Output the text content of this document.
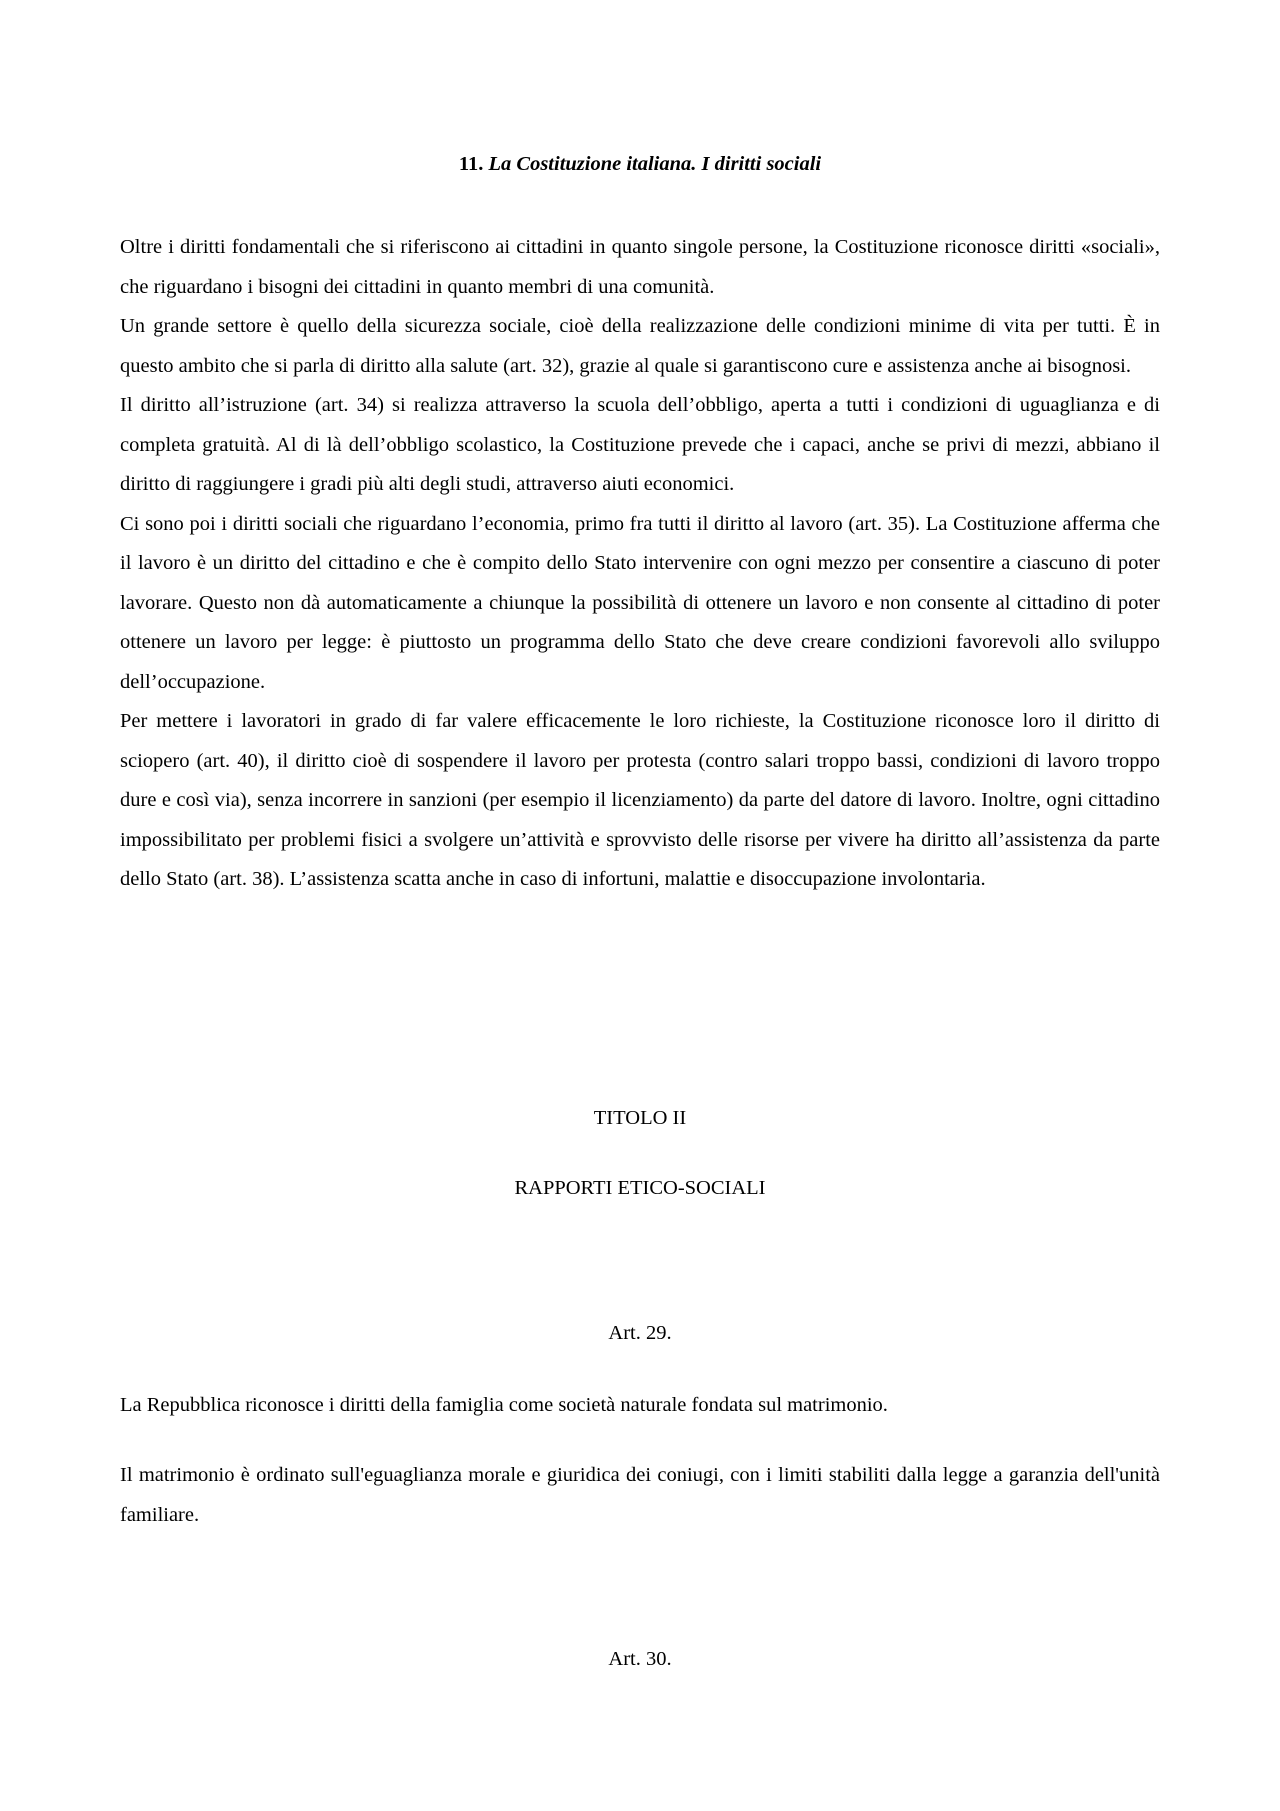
11. La Costituzione italiana. I diritti sociali

Oltre i diritti fondamentali che si riferiscono ai cittadini in quanto singole persone, la Costituzione riconosce diritti «sociali», che riguardano i bisogni dei cittadini in quanto membri di una comunità.

Un grande settore è quello della sicurezza sociale, cioè della realizzazione delle condizioni minime di vita per tutti. È in questo ambito che si parla di diritto alla salute (art. 32), grazie al quale si garantiscono cure e assistenza anche ai bisognosi.

Il diritto all’istruzione (art. 34) si realizza attraverso la scuola dell’obbligo, aperta a tutti i condizioni di uguaglianza e di completa gratuità. Al di là dell’obbligo scolastico, la Costituzione prevede che i capaci, anche se privi di mezzi, abbiano il diritto di raggiungere i gradi più alti degli studi, attraverso aiuti economici.

Ci sono poi i diritti sociali che riguardano l’economia, primo fra tutti il diritto al lavoro (art. 35). La Costituzione afferma che il lavoro è un diritto del cittadino e che è compito dello Stato intervenire con ogni mezzo per consentire a ciascuno di poter lavorare. Questo non dà automaticamente a chiunque la possibilità di ottenere un lavoro e non consente al cittadino di poter ottenere un lavoro per legge: è piuttosto un programma dello Stato che deve creare condizioni favorevoli allo sviluppo dell’occupazione.

Per mettere i lavoratori in grado di far valere efficacemente le loro richieste, la Costituzione riconosce loro il diritto di sciopero (art. 40), il diritto cioè di sospendere il lavoro per protesta (contro salari troppo bassi, condizioni di lavoro troppo dure e così via), senza incorrere in sanzioni (per esempio il licenziamento) da parte del datore di lavoro. Inoltre, ogni cittadino impossibilitato per problemi fisici a svolgere un’attività e sprovvisto delle risorse per vivere ha diritto all’assistenza da parte dello Stato (art. 38). L’assistenza scatta anche in caso di infortuni, malattie e disoccupazione involontaria.

TITOLO II
RAPPORTI ETICO-SOCIALI
Art. 29.

La Repubblica riconosce i diritti della famiglia come società naturale fondata sul matrimonio.

Il matrimonio è ordinato sull'eguaglianza morale e giuridica dei coniugi, con i limiti stabiliti dalla legge a garanzia dell'unità familiare.

Art. 30.
